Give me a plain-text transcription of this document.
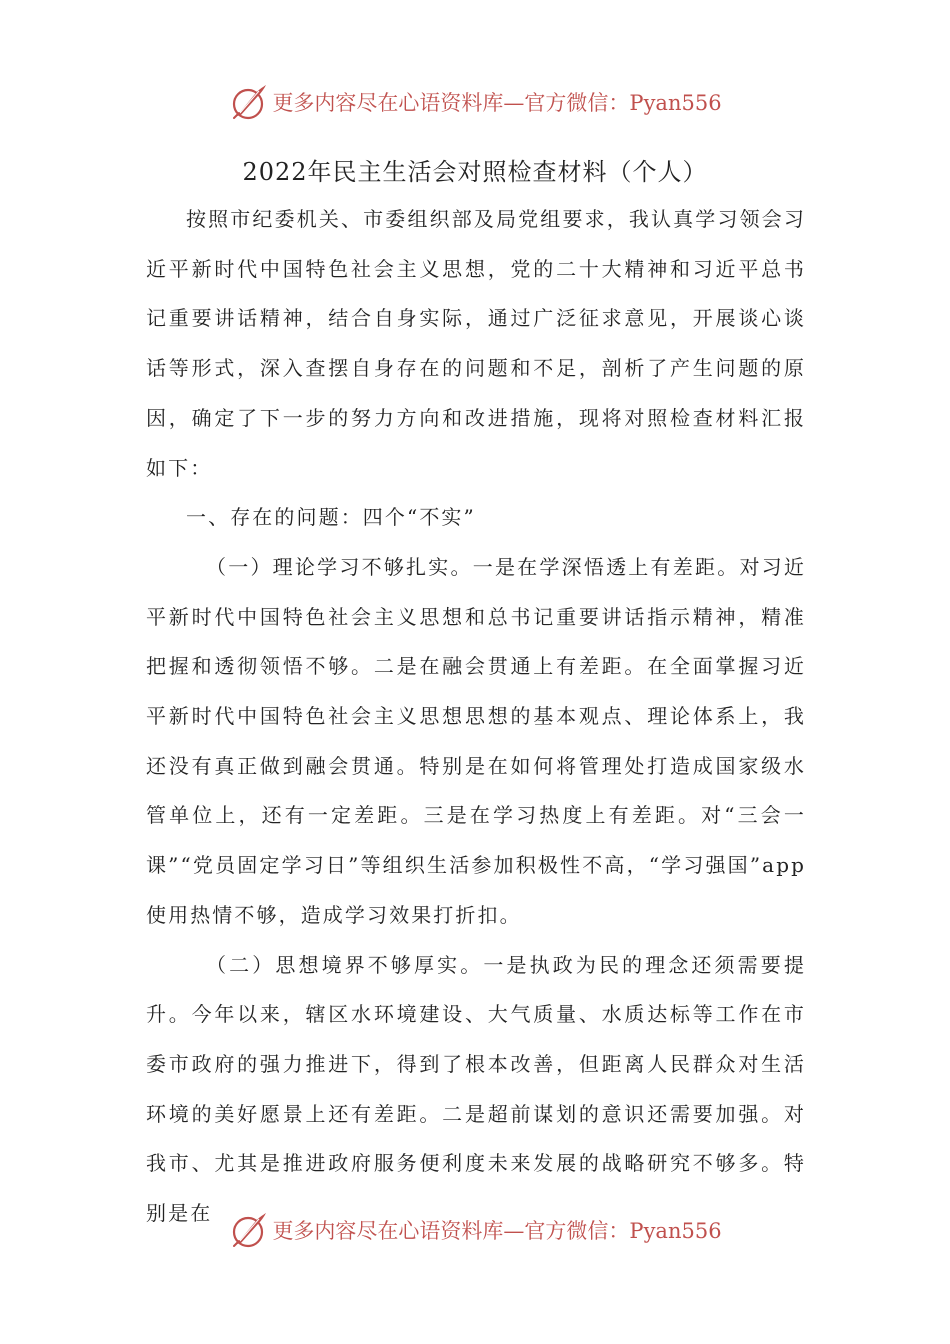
更多内容尽在心语资料库—官方微信：Pyan556
2022年民主生活会对照检查材料（个人）

按照市纪委机关、市委组织部及局党组要求，我认真学习领会习近平新时代中国特色社会主义思想，党的二十大精神和习近平总书记重要讲话精神，结合自身实际，通过广泛征求意见，开展谈心谈话等形式，深入查摆自身存在的问题和不足，剖析了产生问题的原因，确定了下一步的努力方向和改进措施，现将对照检查材料汇报如下：

一、存在的问题：四个“不实”

（一）理论学习不够扎实。一是在学深悟透上有差距。对习近平新时代中国特色社会主义思想和总书记重要讲话指示精神，精准把握和透彻领悟不够。二是在融会贯通上有差距。在全面掌握习近平新时代中国特色社会主义思想思想的基本观点、理论体系上，我还没有真正做到融会贯通。特别是在如何将管理处打造成国家级水管单位上，还有一定差距。三是在学习热度上有差距。对“三会一课”“党员固定学习日”等组织生活参加积极性不高，“学习强国”app使用热情不够，造成学习效果打折扣。

（二）思想境界不够厚实。一是执政为民的理念还须需要提升。今年以来，辖区水环境建设、大气质量、水质达标等工作在市委市政府的强力推进下，得到了根本改善，但距离人民群众对生活环境的美好愿景上还有差距。二是超前谋划的意识还需要加强。对我市、尤其是推进政府服务便利度未来发展的战略研究不够多。特别是在

更多内容尽在心语资料库—官方微信：Pyan556
